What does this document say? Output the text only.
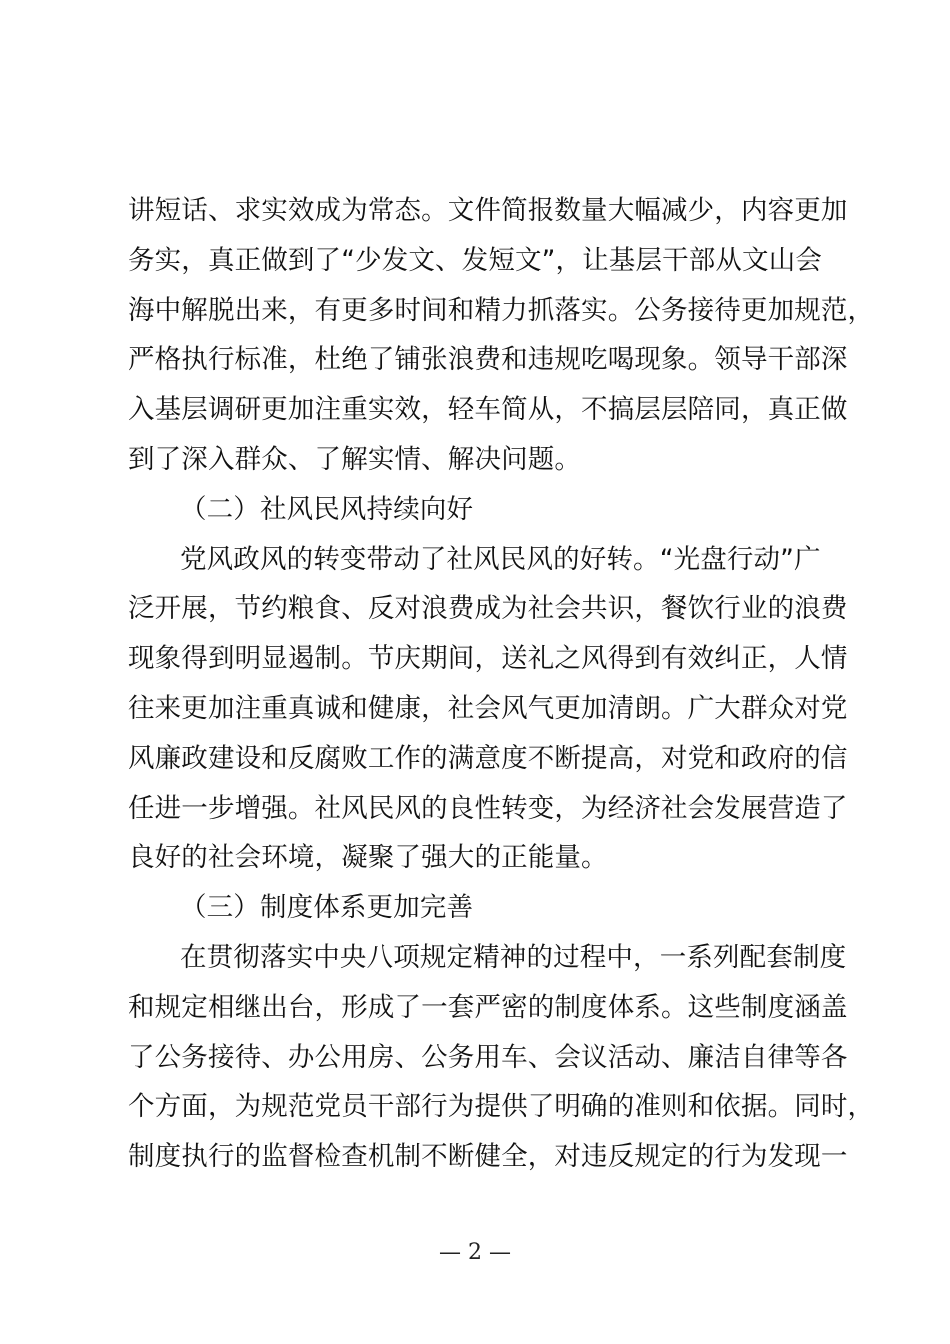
讲短话、求实效成为常态。文件简报数量大幅减少，内容更加
务实，真正做到了“少发文、发短文”，让基层干部从文山会
海中解脱出来，有更多时间和精力抓落实。公务接待更加规范，
严格执行标准，杜绝了铺张浪费和违规吃喝现象。领导干部深
入基层调研更加注重实效，轻车简从，不搞层层陪同，真正做
到了深入群众、了解实情、解决问题。
（二）社风民风持续向好
党风政风的转变带动了社风民风的好转。“光盘行动”广
泛开展，节约粮食、反对浪费成为社会共识，餐饮行业的浪费
现象得到明显遏制。节庆期间，送礼之风得到有效纠正，人情
往来更加注重真诚和健康，社会风气更加清朗。广大群众对党
风廉政建设和反腐败工作的满意度不断提高，对党和政府的信
任进一步增强。社风民风的良性转变，为经济社会发展营造了
良好的社会环境，凝聚了强大的正能量。
（三）制度体系更加完善
在贯彻落实中央八项规定精神的过程中，一系列配套制度
和规定相继出台，形成了一套严密的制度体系。这些制度涵盖
了公务接待、办公用房、公务用车、会议活动、廉洁自律等各
个方面，为规范党员干部行为提供了明确的准则和依据。同时，
制度执行的监督检查机制不断健全，对违反规定的行为发现一
— 2 —
